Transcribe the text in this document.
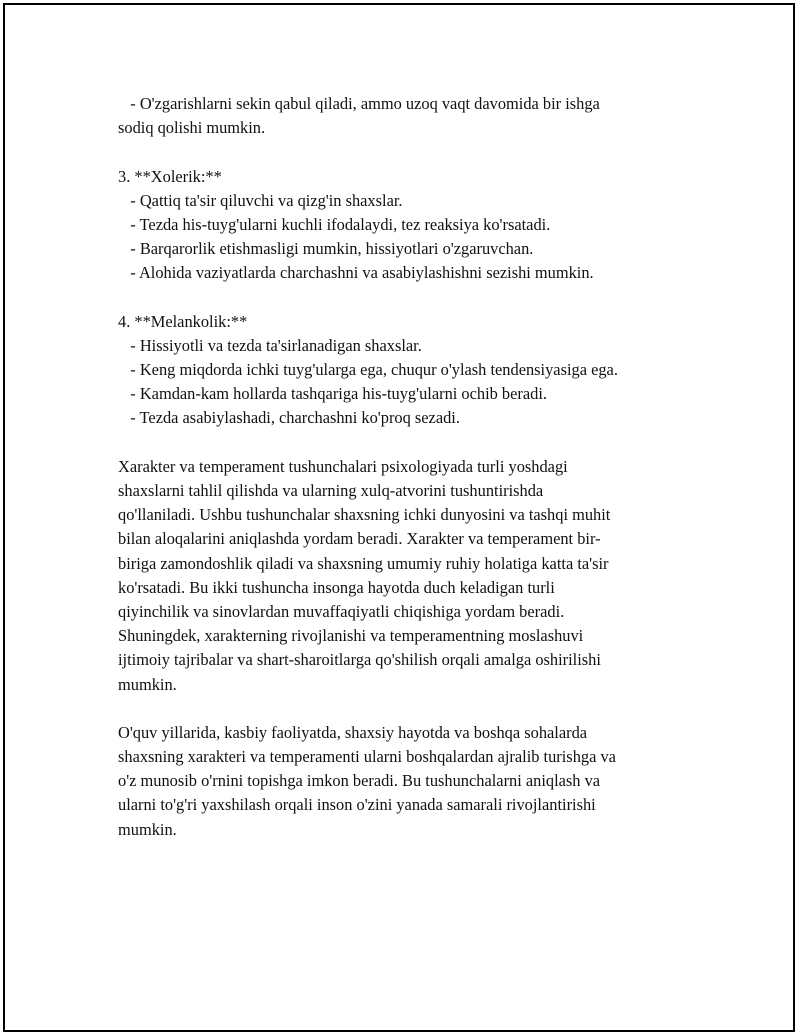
- O'zgarishlarni sekin qabul qiladi, ammo uzoq vaqt davomida bir ishga
sodiq qolishi mumkin.
3. **Xolerik:**
- Qattiq ta'sir qiluvchi va qizg'in shaxslar.
- Tezda his-tuyg'ularni kuchli ifodalaydi, tez reaksiya ko'rsatadi.
- Barqarorlik etishmasligi mumkin, hissiyotlari o'zgaruvchan.
- Alohida vaziyatlarda charchashni va asabiylashishni sezishi mumkin.
4. **Melankolik:**
- Hissiyotli va tezda ta'sirlanadigan shaxslar.
- Keng miqdorda ichki tuyg'ularga ega, chuqur o'ylash tendensiyasiga ega.
- Kamdan-kam hollarda tashqariga his-tuyg'ularni ochib beradi.
- Tezda asabiylashadi, charchashni ko'proq sezadi.
Xarakter va temperament tushunchalari psixologiyada turli yoshdagi
shaxslarni tahlil qilishda va ularning xulq-atvorini tushuntirishda
qo'llaniladi. Ushbu tushunchalar shaxsning ichki dunyosini va tashqi muhit
bilan aloqalarini aniqlashda yordam beradi. Xarakter va temperament bir-
biriga zamondoshlik qiladi va shaxsning umumiy ruhiy holatiga katta ta'sir
ko'rsatadi. Bu ikki tushuncha insonga hayotda duch keladigan turli
qiyinchilik va sinovlardan muvaffaqiyatli chiqishiga yordam beradi.
Shuningdek, xarakterning rivojlanishi va temperamentning moslashuvi
ijtimoiy tajribalar va shart-sharoitlarga qo'shilish orqali amalga oshirilishi
mumkin.
O'quv yillarida, kasbiy faoliyatda, shaxsiy hayotda va boshqa sohalarda
shaxsning xarakteri va temperamenti ularni boshqalardan ajralib turishga va
o'z munosib o'rnini topishga imkon beradi. Bu tushunchalarni aniqlash va
ularni to'g'ri yaxshilash orqali inson o'zini yanada samarali rivojlantirishi
mumkin.
